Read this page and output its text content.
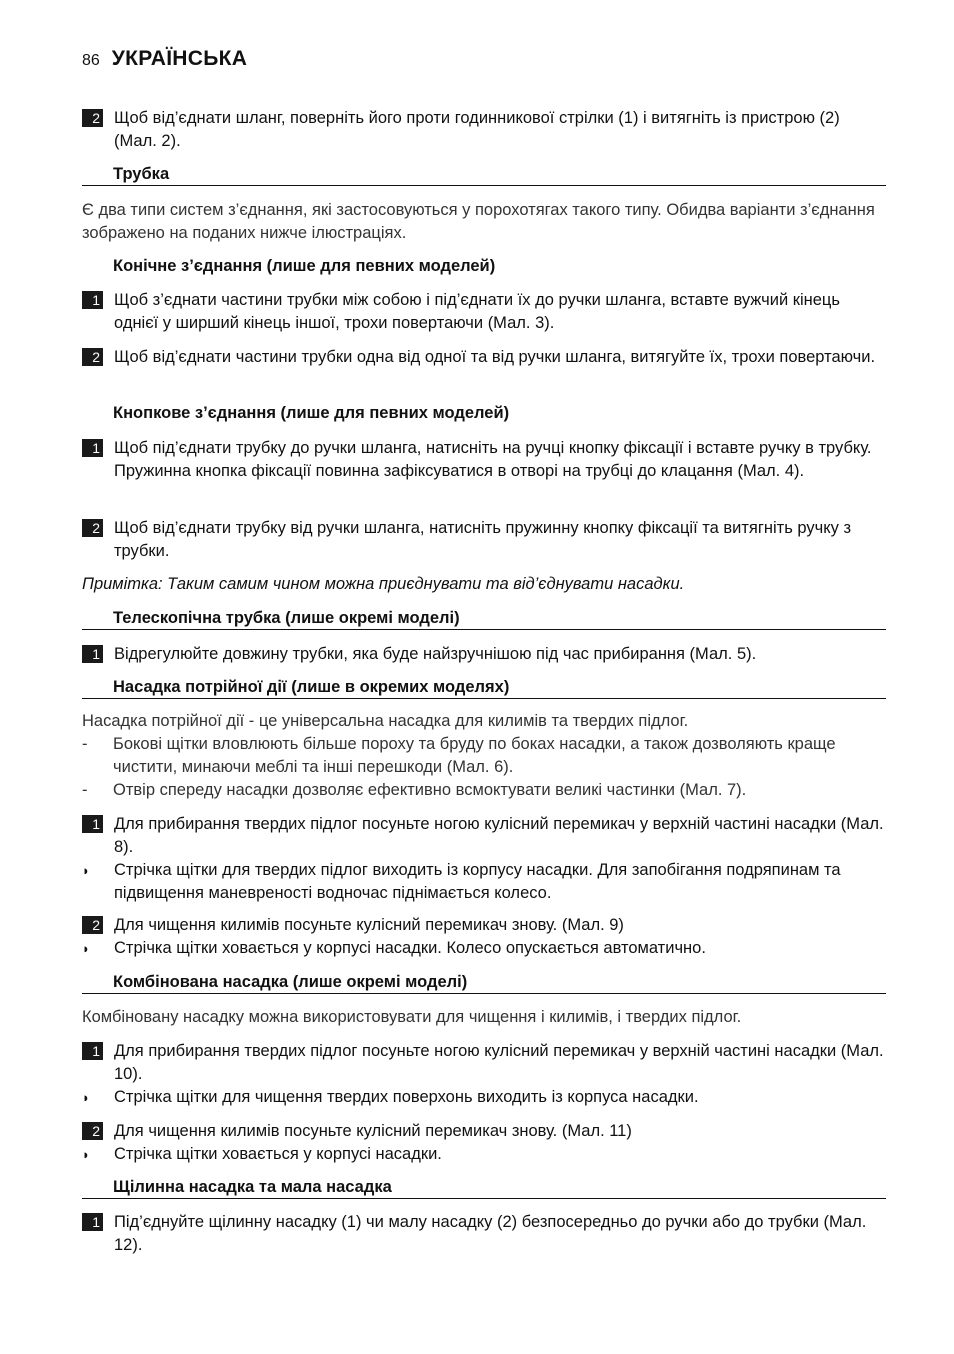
86 УКРАЇНСЬКА
2 Щоб від’єднати шланг, поверніть його проти годинникової стрілки (1) і витягніть із пристрою (2) (Мал. 2).
Трубка
Є два типи систем з’єднання, які застосовуються у порохотягах такого типу. Обидва варіанти з’єднання зображено на поданих нижче ілюстраціях.
Конічне з’єднання (лише для певних моделей)
1 Щоб з’єднати частини трубки між собою і під’єднати їх до ручки шланга, вставте вужчий кінець однієї у ширший кінець іншої, трохи повертаючи (Мал. 3).
2 Щоб від’єднати частини трубки одна від одної та від ручки шланга, витягуйте їх, трохи повертаючи.
Кнопкове з’єднання (лише для певних моделей)
1 Щоб під’єднати трубку до ручки шланга, натисніть на ручці кнопку фіксації і вставте ручку в трубку. Пружинна кнопка фіксації повинна зафіксуватися в отворі на трубці до клацання (Мал. 4).
2 Щоб від’єднати трубку від ручки шланга, натисніть пружинну кнопку фіксації та витягніть ручку з трубки.
Примітка: Таким самим чином можна приєднувати та від’єднувати насадки.
Телескопічна трубка (лише окремі моделі)
1 Відрегулюйте довжину трубки, яка буде найзручнішою під час прибирання (Мал. 5).
Насадка потрійної дії (лише в окремих моделях)
Насадка потрійної дії - це універсальна насадка для килимів та твердих підлог.
-	Бокові щітки вловлюють більше пороху та бруду по боках насадки, а також дозволяють краще чистити, минаючи меблі та інші перешкоди (Мал. 6).
-	Отвір спереду насадки дозволяє ефективно всмоктувати великі частинки (Мал. 7).
1 Для прибирання твердих підлог посуньте ногою кулісний перемикач у верхній частині насадки (Мал. 8).
◗	Стрічка щітки для твердих підлог виходить із корпусу насадки. Для запобігання подряпинам та підвищення маневреності водночас піднімається колесо.
2 Для чищення килимів посуньте кулісний перемикач знову. (Мал. 9)
◗	Стрічка щітки ховається у корпусі насадки. Колесо опускається автоматично.
Комбінована насадка (лише окремі моделі)
Комбіновану насадку можна використовувати для чищення і килимів, і твердих підлог.
1 Для прибирання твердих підлог посуньте ногою кулісний перемикач у верхній частині насадки (Мал. 10).
◗	Стрічка щітки для чищення твердих поверхонь виходить із корпуса насадки.
2 Для чищення килимів посуньте кулісний перемикач знову. (Мал. 11)
◗	Стрічка щітки ховається у корпусі насадки.
Щілинна насадка та мала насадка
1 Під’єднуйте щілинну насадку (1) чи малу насадку (2) безпосередньо до ручки або до трубки (Мал. 12).
